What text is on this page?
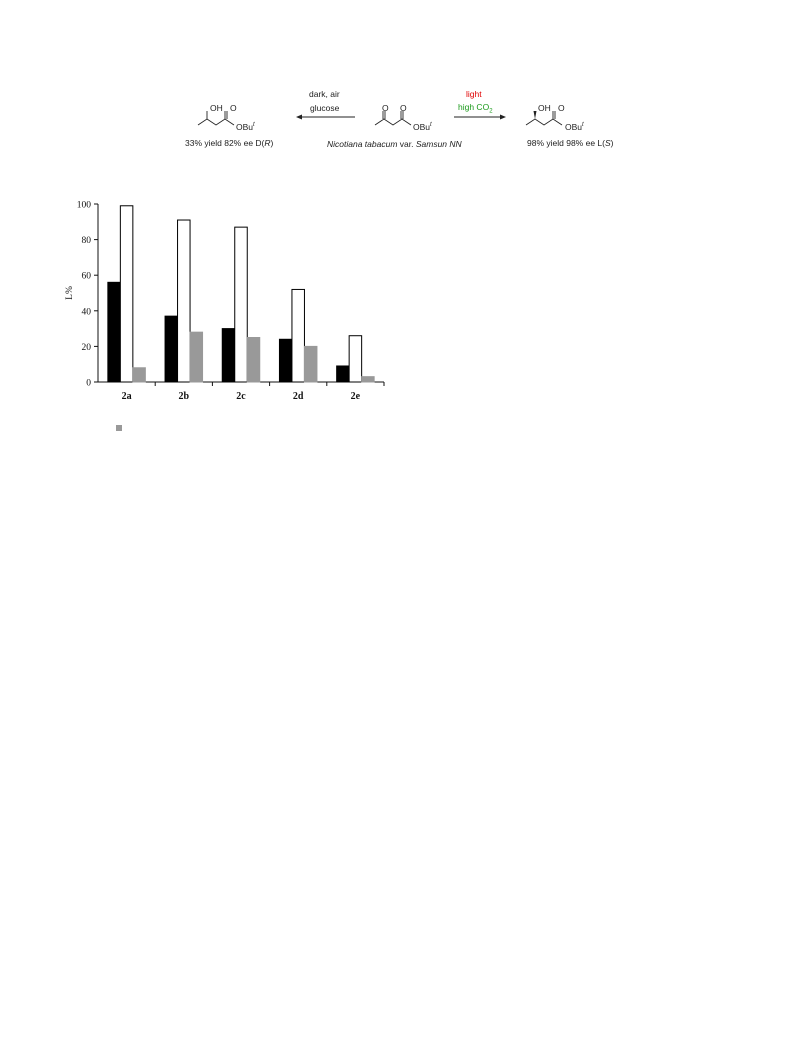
OH O
OBu$^t$
dark, air
glucose	O O
OBu$^t$
light
high $CO_2$	OH O
OBu$^t$
33% yield 82% ee D(R)	Nicotiana tabacum var. Samsun NN	98% yield 98% ee L(S)
0
20
40
60
80
100
L%
2a	2b	2c	2d	2e
